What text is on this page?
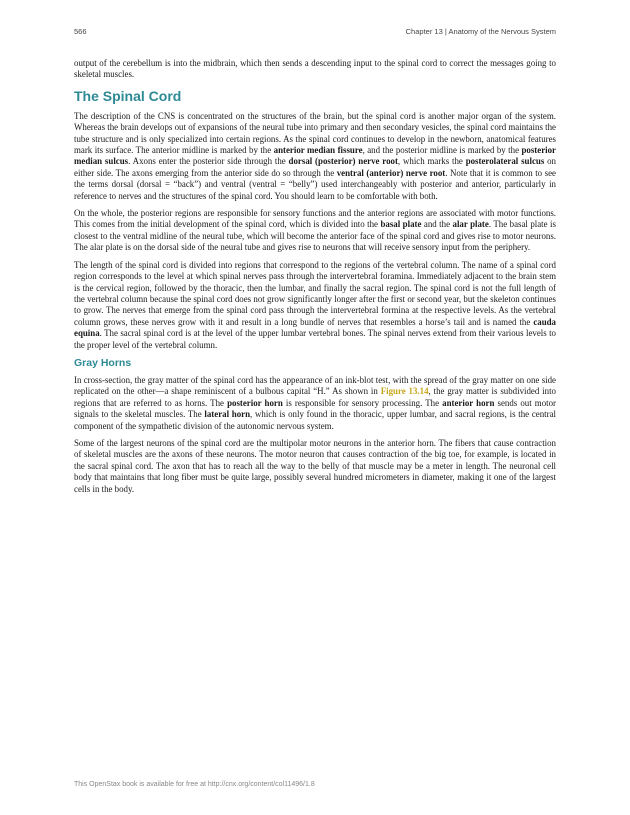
566	Chapter 13 | Anatomy of the Nervous System

output of the cerebellum is into the midbrain, which then sends a descending input to the spinal cord to correct the messages going to skeletal muscles.

The Spinal Cord

The description of the CNS is concentrated on the structures of the brain, but the spinal cord is another major organ of the system. Whereas the brain develops out of expansions of the neural tube into primary and then secondary vesicles, the spinal cord maintains the tube structure and is only specialized into certain regions. As the spinal cord continues to develop in the newborn, anatomical features mark its surface. The anterior midline is marked by the anterior median fissure, and the posterior midline is marked by the posterior median sulcus. Axons enter the posterior side through the dorsal (posterior) nerve root, which marks the posterolateral sulcus on either side. The axons emerging from the anterior side do so through the ventral (anterior) nerve root. Note that it is common to see the terms dorsal (dorsal = “back”) and ventral (ventral = “belly”) used interchangeably with posterior and anterior, particularly in reference to nerves and the structures of the spinal cord. You should learn to be comfortable with both.

On the whole, the posterior regions are responsible for sensory functions and the anterior regions are associated with motor functions. This comes from the initial development of the spinal cord, which is divided into the basal plate and the alar plate. The basal plate is closest to the ventral midline of the neural tube, which will become the anterior face of the spinal cord and gives rise to motor neurons. The alar plate is on the dorsal side of the neural tube and gives rise to neurons that will receive sensory input from the periphery.

The length of the spinal cord is divided into regions that correspond to the regions of the vertebral column. The name of a spinal cord region corresponds to the level at which spinal nerves pass through the intervertebral foramina. Immediately adjacent to the brain stem is the cervical region, followed by the thoracic, then the lumbar, and finally the sacral region. The spinal cord is not the full length of the vertebral column because the spinal cord does not grow significantly longer after the first or second year, but the skeleton continues to grow. The nerves that emerge from the spinal cord pass through the intervertebral formina at the respective levels. As the vertebral column grows, these nerves grow with it and result in a long bundle of nerves that resembles a horse’s tail and is named the cauda equina. The sacral spinal cord is at the level of the upper lumbar vertebral bones. The spinal nerves extend from their various levels to the proper level of the vertebral column.

Gray Horns

In cross-section, the gray matter of the spinal cord has the appearance of an ink-blot test, with the spread of the gray matter on one side replicated on the other—a shape reminiscent of a bulbous capital “H.” As shown in Figure 13.14, the gray matter is subdivided into regions that are referred to as horns. The posterior horn is responsible for sensory processing. The anterior horn sends out motor signals to the skeletal muscles. The lateral horn, which is only found in the thoracic, upper lumbar, and sacral regions, is the central component of the sympathetic division of the autonomic nervous system.

Some of the largest neurons of the spinal cord are the multipolar motor neurons in the anterior horn. The fibers that cause contraction of skeletal muscles are the axons of these neurons. The motor neuron that causes contraction of the big toe, for example, is located in the sacral spinal cord. The axon that has to reach all the way to the belly of that muscle may be a meter in length. The neuronal cell body that maintains that long fiber must be quite large, possibly several hundred micrometers in diameter, making it one of the largest cells in the body.

This OpenStax book is available for free at http://cnx.org/content/col11496/1.8
